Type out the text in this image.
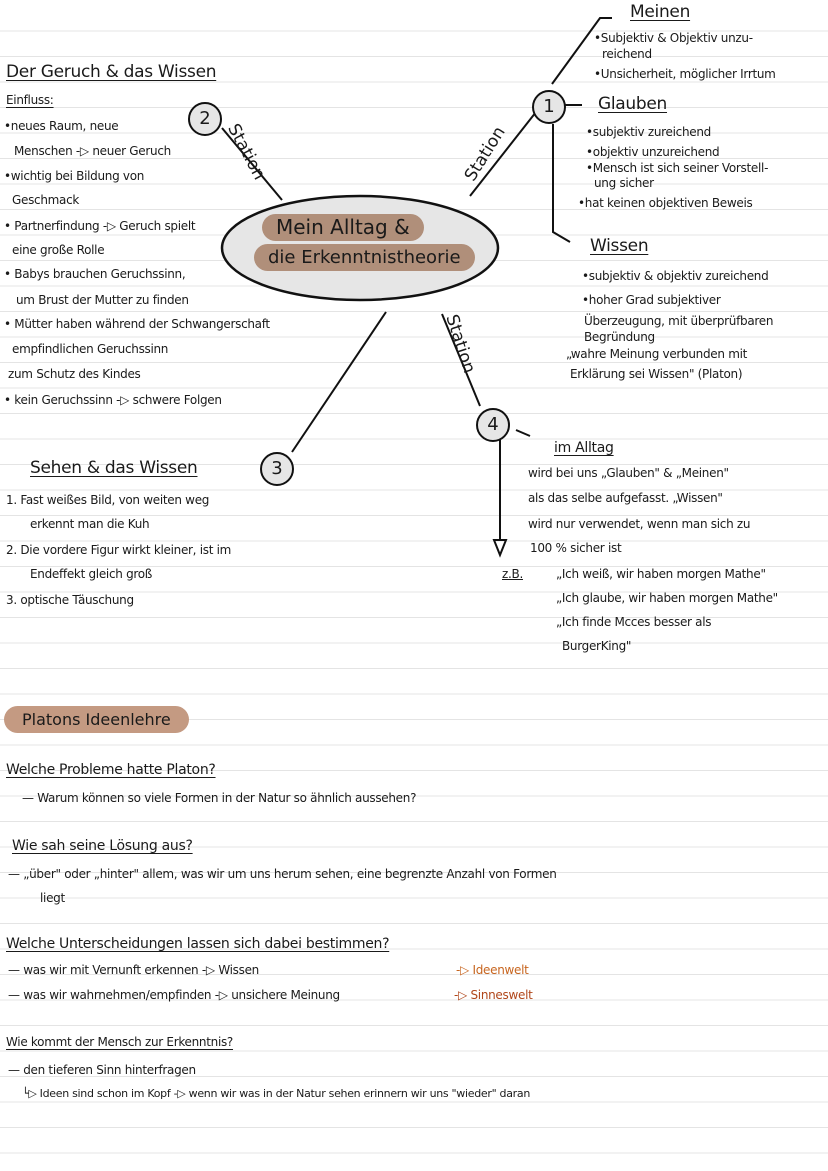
Mein Alltag &
die Erkenntnistheorie
1
2
3
4
Station	Station
Station
Der Geruch & das Wissen
Einfluss:
•neues Raum, neue
Menschen -▷ neuer Geruch
•wichtig bei Bildung von
Geschmack
• Partnerfindung -▷ Geruch spielt
eine große Rolle
• Babys brauchen Geruchssinn,
um Brust der Mutter zu finden
• Mütter haben während der Schwangerschaft
empfindlichen Geruchssinn
zum Schutz des Kindes
• kein Geruchssinn -▷ schwere Folgen
Meinen
•Subjektiv & Objektiv unzu-
reichend
•Unsicherheit, möglicher Irrtum
Glauben
•subjektiv zureichend
•objektiv unzureichend
•Mensch ist sich seiner Vorstell-
ung sicher
•hat keinen objektiven Beweis
Wissen
•subjektiv & objektiv zureichend
•hoher Grad subjektiver
Überzeugung, mit überprüfbaren
Begründung
„wahre Meinung verbunden mit
Erklärung sei Wissen" (Platon)
Sehen & das Wissen
1. Fast weißes Bild, von weiten weg
erkennt man die Kuh
2. Die vordere Figur wirkt kleiner, ist im
Endeffekt gleich groß
3. optische Täuschung
im Alltag
wird bei uns „Glauben" & „Meinen"
als das selbe aufgefasst. „Wissen"
wird nur verwendet, wenn man sich zu
100 % sicher ist
z.B.	„Ich weiß, wir haben morgen Mathe"
„Ich glaube, wir haben morgen Mathe"
„Ich finde Mcces besser als
BurgerKing"
Platons Ideenlehre
Welche Probleme hatte Platon?
— Warum können so viele Formen in der Natur so ähnlich aussehen?
Wie sah seine Lösung aus?
— „über" oder „hinter" allem, was wir um uns herum sehen, eine begrenzte Anzahl von Formen
liegt
Welche Unterscheidungen lassen sich dabei bestimmen?
— was wir mit Vernunft erkennen -▷ Wissen	-▷ Ideenwelt
— was wir wahrnehmen/empfinden -▷ unsichere Meinung	-▷ Sinneswelt
Wie kommt der Mensch zur Erkenntnis?
— den tieferen Sinn hinterfragen
└▷ Ideen sind schon im Kopf -▷ wenn wir was in der Natur sehen erinnern wir uns "wieder" daran
